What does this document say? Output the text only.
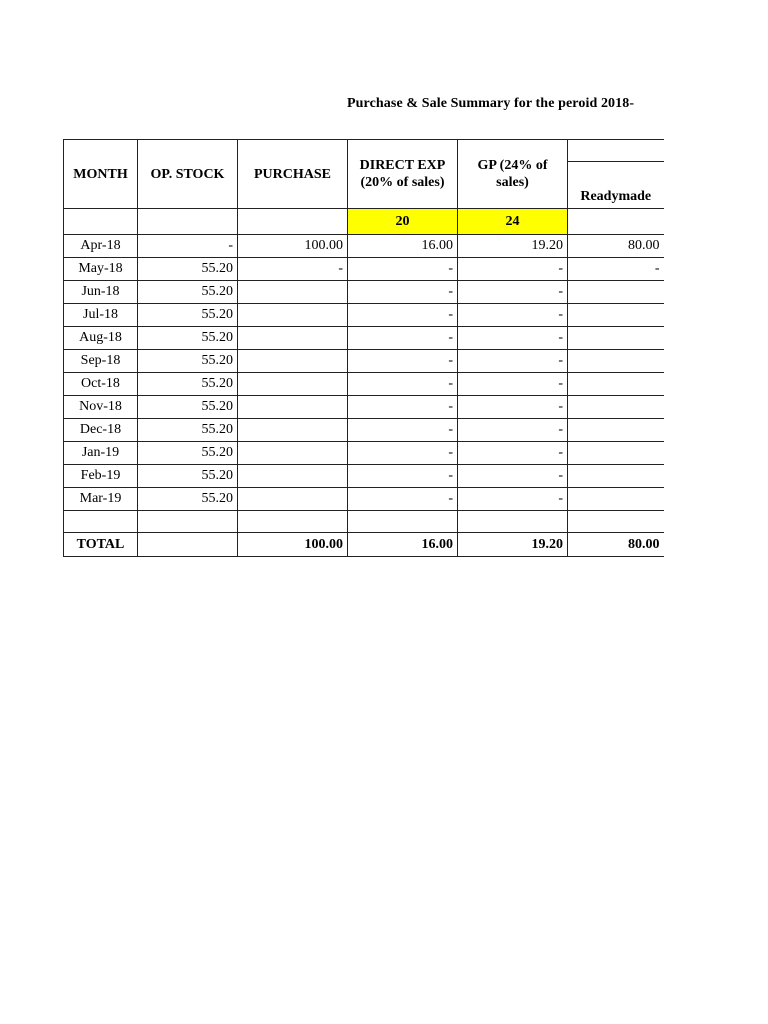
Purchase & Sale Summary for the peroid 2018-
MONTH	OP. STOCK	PURCHASE	DIRECT EXP (20% of sales)	GP (24% of sales)	
					Readymade
			20	24	
Apr-18	-	100.00	16.00	19.20	80.00
May-18	55.20	-	-	-	-
Jun-18	55.20		-	-	
Jul-18	55.20		-	-	
Aug-18	55.20		-	-	
Sep-18	55.20		-	-	
Oct-18	55.20		-	-	
Nov-18	55.20		-	-	
Dec-18	55.20		-	-	
Jan-19	55.20		-	-	
Feb-19	55.20		-	-	
Mar-19	55.20		-	-	

TOTAL		100.00	16.00	19.20	80.00
